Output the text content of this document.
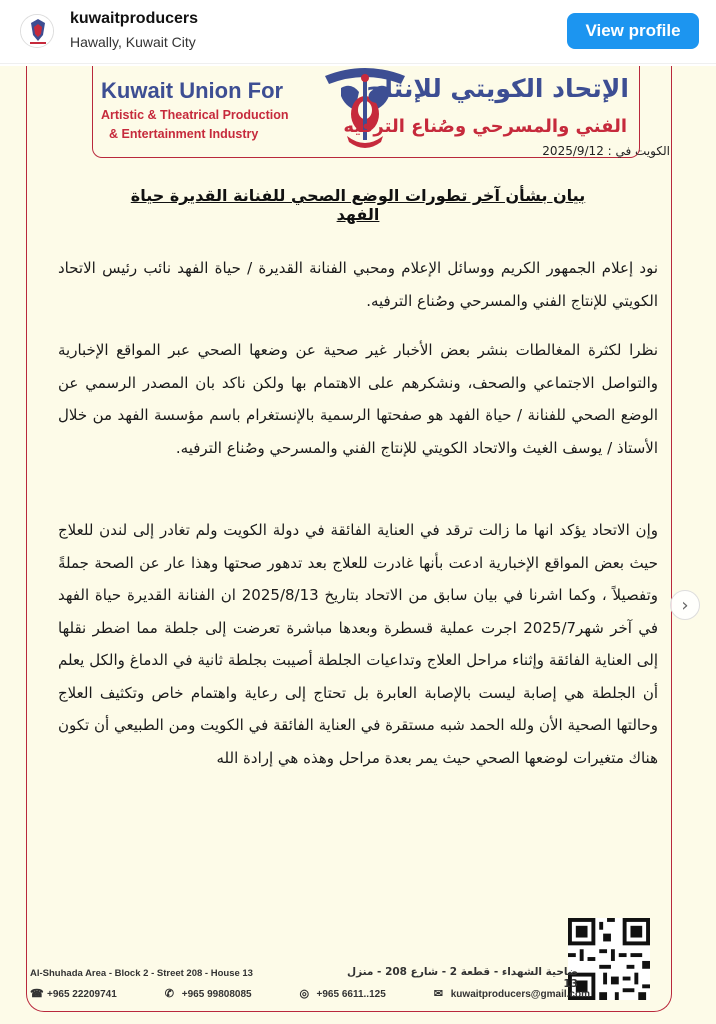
kuwaitproducers
Hawally, Kuwait City
View profile
Kuwait Union For
Artistic & Theatrical Production
& Entertainment Industry
الإتحاد الكويتي للإنتاج
الفني والمسرحي وصُناع الترفيه
الكويت في : 2025/9/12
بيان بشأن آخر تطورات الوضع الصحي للفنانة القديرة حياة الفهد

نود إعلام الجمهور الكريم ووسائل الإعلام ومحبي الفنانة القديرة / حياة الفهد نائب رئيس الاتحاد الكويتي للإنتاج الفني والمسرحي وصُناع الترفيه.

نظرا لكثرة المغالطات بنشر بعض الأخبار غير صحية عن وضعها الصحي عبر المواقع الإخبارية والتواصل الاجتماعي والصحف، ونشكرهم على الاهتمام بها ولكن ناكد بان المصدر الرسمي عن الوضع الصحي للفنانة / حياة الفهد هو صفحتها الرسمية بالإنستغرام باسم مؤسسة الفهد من خلال الأستاذ / يوسف الغيث والاتحاد الكويتي للإنتاج الفني والمسرحي وصُناع الترفيه.

وإن الاتحاد يؤكد انها ما زالت ترقد في العناية الفائقة في دولة الكويت ولم تغادر إلى لندن للعلاج حيث بعض المواقع الإخبارية ادعت بأنها غادرت للعلاج بعد تدهور صحتها وهذا عار عن الصحة جملةً وتفصيلاً ، وكما اشرنا في بيان سابق من الاتحاد بتاريخ 2025/8/13 ان الفنانة القديرة حياة الفهد في آخر شهر2025/7 اجرت عملية قسطرة وبعدها مباشرة تعرضت إلى جلطة مما اضطر نقلها إلى العناية الفائقة وإثناء مراحل العلاج وتداعيات الجلطة أصيبت بجلطة ثانية في الدماغ والكل يعلم أن الجلطة هي إصابة ليست بالإصابة العابرة بل تحتاج إلى رعاية واهتمام خاص وتكثيف العلاج وحالتها الصحية الأن ولله الحمد شبه مستقرة في العناية الفائقة في الكويت ومن الطبيعي أن تكون هناك متغيرات لوضعها الصحي حيث يمر بعدة مراحل وهذه هي إرادة الله

Al-Shuhada Area - Block 2 - Street 208 - House 13	ضاحية الشهداء - قطعة 2 - شارع 208 - منزل 13
☎ +965 22209741	✆ +965 99808085	◎ +965 6611..125	✉ kuwaitproducers@gmail.com
›
